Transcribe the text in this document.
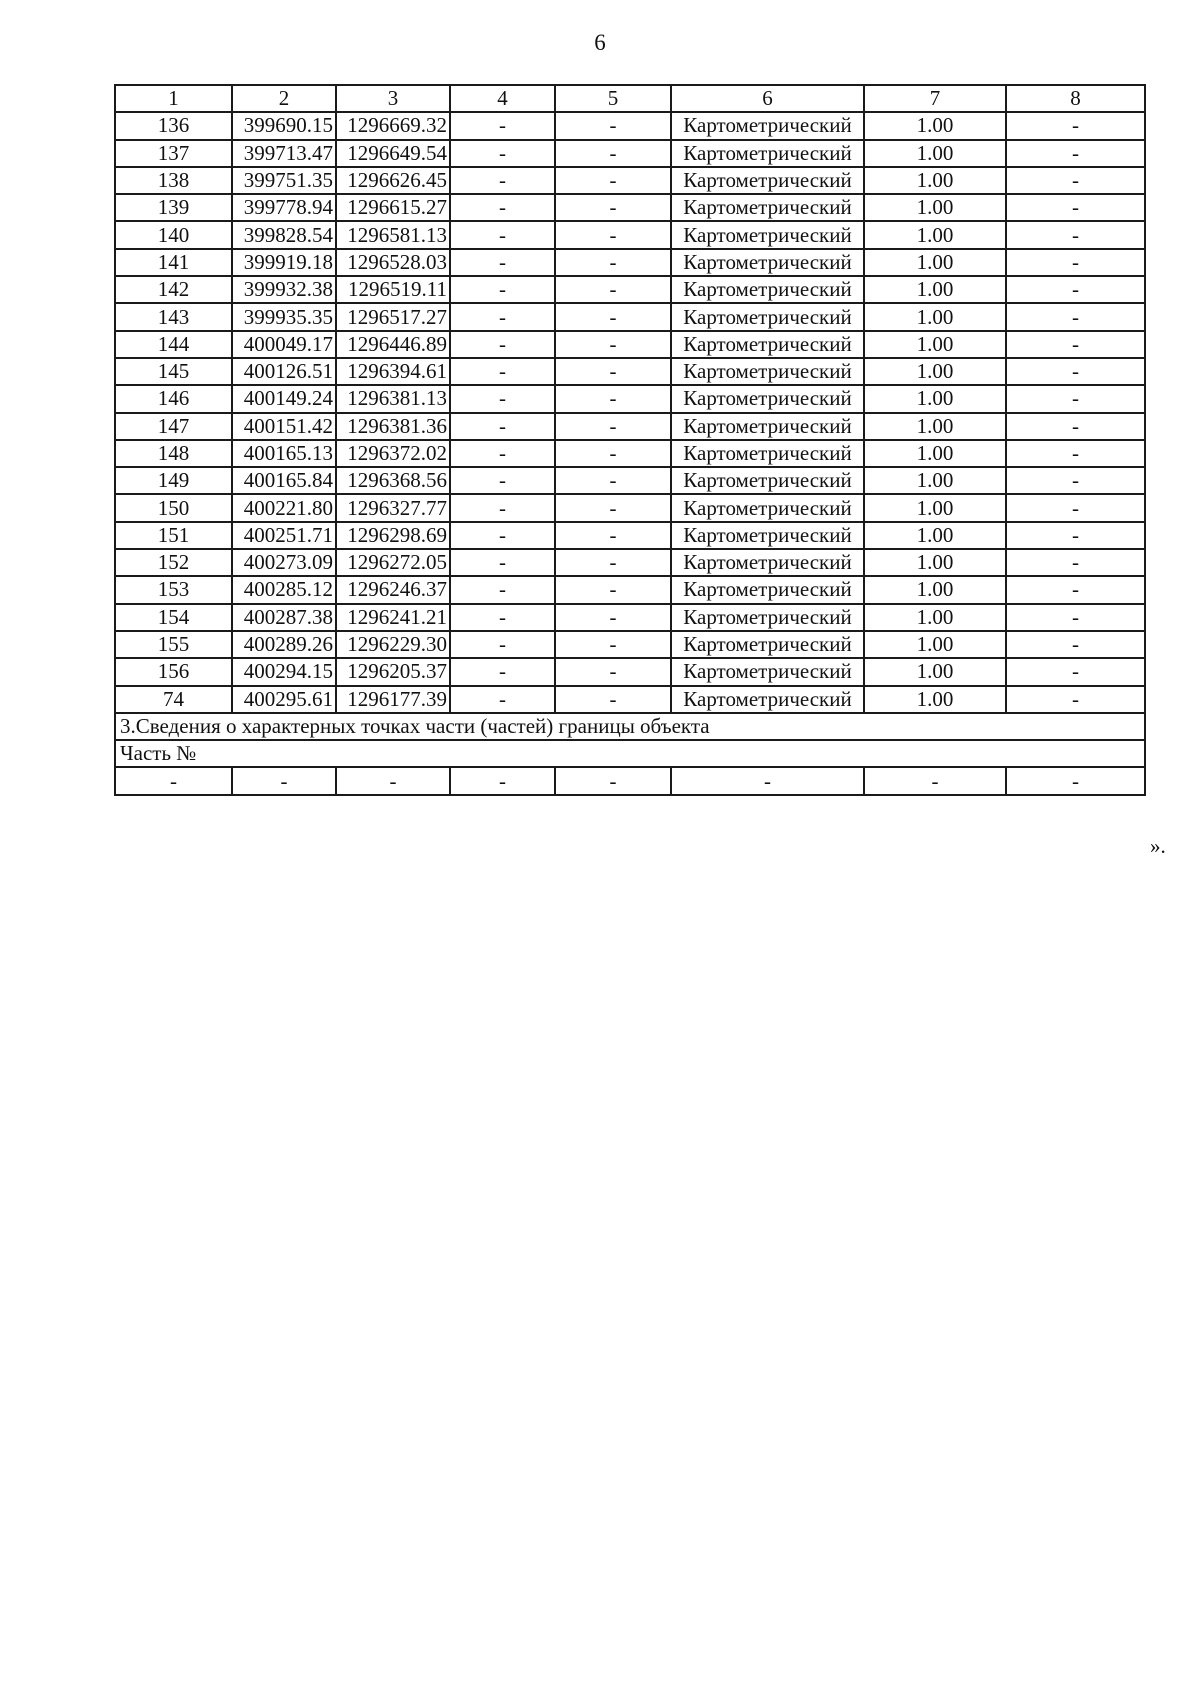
6
1	2	3	4	5	6	7	8
136	399690.15	1296669.32	-	-	Картометрический	1.00	-
137	399713.47	1296649.54	-	-	Картометрический	1.00	-
138	399751.35	1296626.45	-	-	Картометрический	1.00	-
139	399778.94	1296615.27	-	-	Картометрический	1.00	-
140	399828.54	1296581.13	-	-	Картометрический	1.00	-
141	399919.18	1296528.03	-	-	Картометрический	1.00	-
142	399932.38	1296519.11	-	-	Картометрический	1.00	-
143	399935.35	1296517.27	-	-	Картометрический	1.00	-
144	400049.17	1296446.89	-	-	Картометрический	1.00	-
145	400126.51	1296394.61	-	-	Картометрический	1.00	-
146	400149.24	1296381.13	-	-	Картометрический	1.00	-
147	400151.42	1296381.36	-	-	Картометрический	1.00	-
148	400165.13	1296372.02	-	-	Картометрический	1.00	-
149	400165.84	1296368.56	-	-	Картометрический	1.00	-
150	400221.80	1296327.77	-	-	Картометрический	1.00	-
151	400251.71	1296298.69	-	-	Картометрический	1.00	-
152	400273.09	1296272.05	-	-	Картометрический	1.00	-
153	400285.12	1296246.37	-	-	Картометрический	1.00	-
154	400287.38	1296241.21	-	-	Картометрический	1.00	-
155	400289.26	1296229.30	-	-	Картометрический	1.00	-
156	400294.15	1296205.37	-	-	Картометрический	1.00	-
74	400295.61	1296177.39	-	-	Картометрический	1.00	-
3.Сведения о характерных точках части (частей) границы объекта							
Часть №							
-	-	-	-	-	-	-	-
».
